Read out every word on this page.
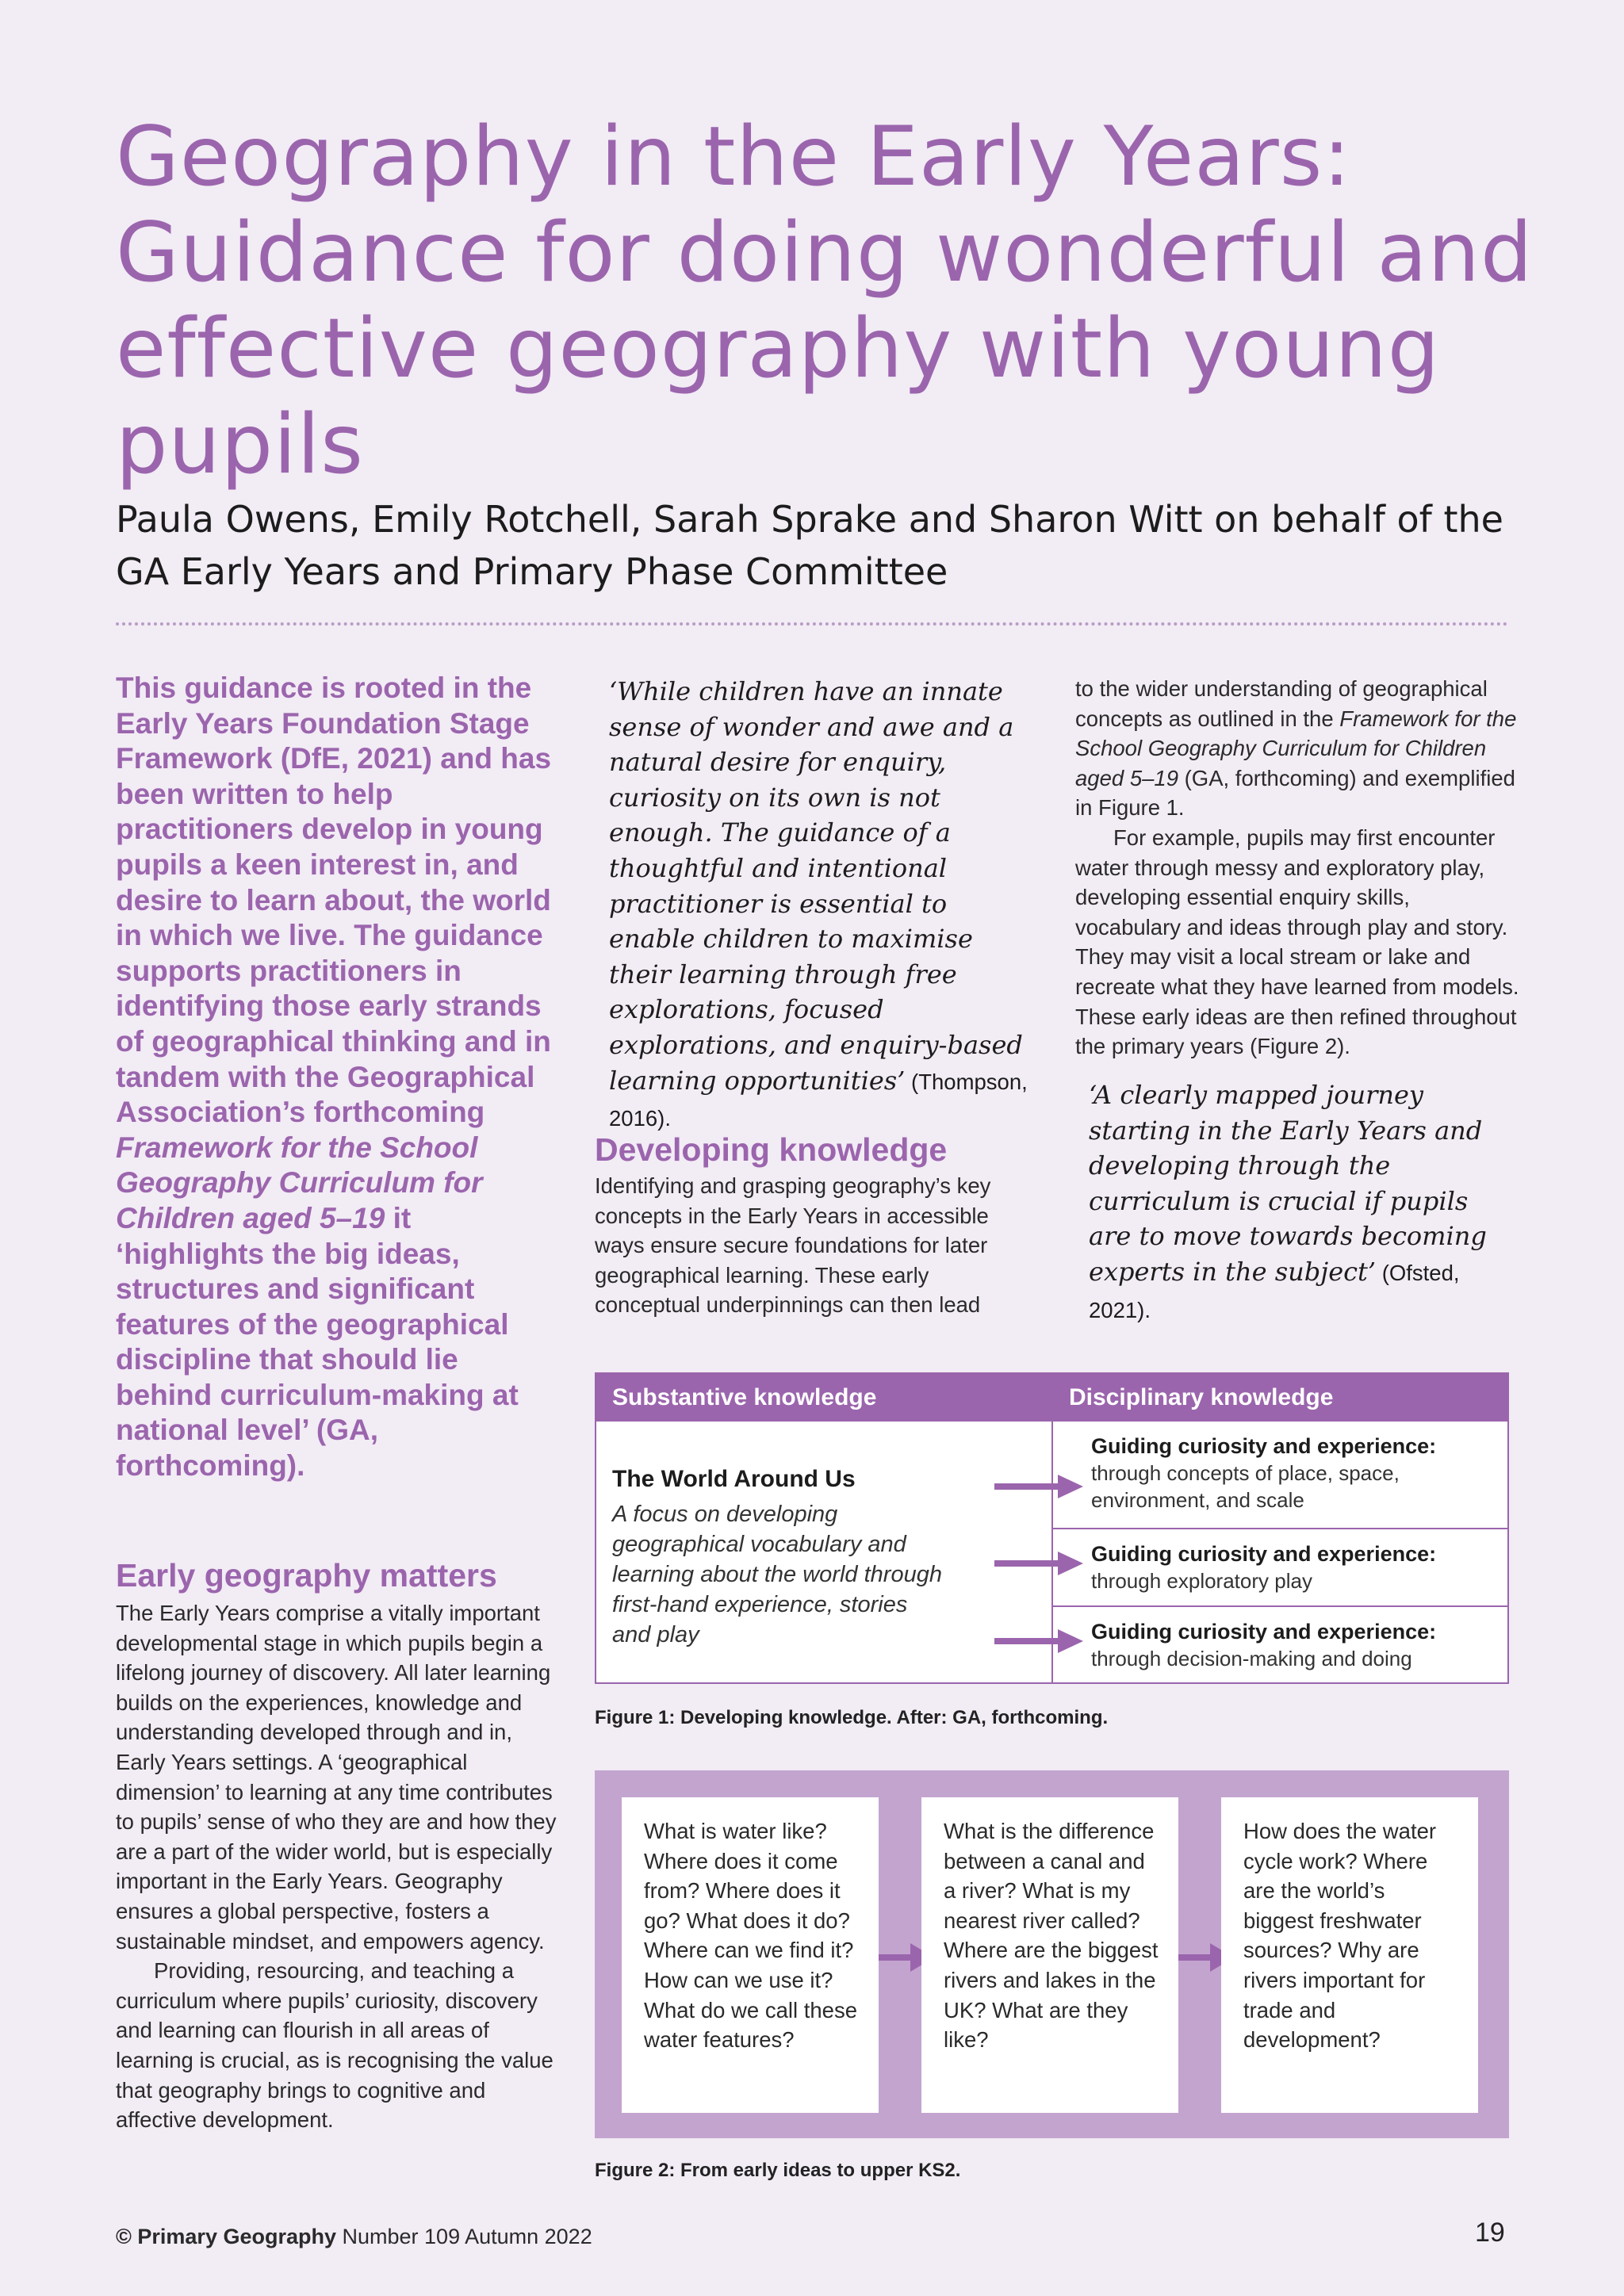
Geography in the Early Years: Guidance for doing wonderful and effective geography with young pupils
Paula Owens, Emily Rotchell, Sarah Sprake and Sharon Witt on behalf of the GA Early Years and Primary Phase Committee
This guidance is rooted in the Early Years Foundation Stage Framework (DfE, 2021) and has been written to help practitioners develop in young pupils a keen interest in, and desire to learn about, the world in which we live. The guidance supports practitioners in identifying those early strands of geographical thinking and in tandem with the Geographical Association’s forthcoming Framework for the School Geography Curriculum for Children aged 5–19 it ‘highlights the big ideas, structures and significant features of the geographical discipline that should lie behind curriculum-making at national level’ (GA, forthcoming).
Early geography matters

The Early Years comprise a vitally important developmental stage in which pupils begin a lifelong journey of discovery. All later learning builds on the experiences, knowledge and understanding developed through and in, Early Years settings. A ‘geographical dimension’ to learning at any time contributes to pupils’ sense of who they are and how they are a part of the wider world, but is especially important in the Early Years. Geography ensures a global perspective, fosters a sustainable mindset, and empowers agency.

Providing, resourcing, and teaching a curriculum where pupils’ curiosity, discovery and learning can flourish in all areas of learning is crucial, as is recognising the value that geography brings to cognitive and affective development.

‘While children have an innate sense of wonder and awe and a natural desire for enquiry, curiosity on its own is not enough. The guidance of a thoughtful and intentional practitioner is essential to enable children to maximise their learning through free explorations, focused explorations, and enquiry-based learning opportunities’ (Thompson, 2016).
Developing knowledge

Identifying and grasping geography’s key concepts in the Early Years in accessible ways ensure secure foundations for later geographical learning. These early conceptual underpinnings can then lead

to the wider understanding of geographical concepts as outlined in the Framework for the School Geography Curriculum for Children aged 5–19 (GA, forthcoming) and exemplified in Figure 1.

For example, pupils may first encounter water through messy and exploratory play, developing essential enquiry skills, vocabulary and ideas through play and story. They may visit a local stream or lake and recreate what they have learned from models. These early ideas are then refined throughout the primary years (Figure 2).

‘A clearly mapped journey starting in the Early Years and developing through the curriculum is crucial if pupils are to move towards becoming experts in the subject’ (Ofsted, 2021).
Substantive knowledge	Disciplinary knowledge
The World Around Us
A focus on developing geographical vocabulary and learning about the world through first-hand experience, stories and play
Guiding curiosity and experience:
through concepts of place, space, environment, and scale
Guiding curiosity and experience:
through exploratory play
Guiding curiosity and experience:
through decision-making and doing
Figure 1: Developing knowledge. After: GA, forthcoming.
What is water like? Where does it come from? Where does it go? What does it do? Where can we find it? How can we use it? What do we call these water features?
What is the difference between a canal and a river? What is my nearest river called? Where are the biggest rivers and lakes in the UK? What are they like?
How does the water cycle work? Where are the world’s biggest freshwater sources? Why are rivers important for trade and development?
Figure 2: From early ideas to upper KS2.
© Primary Geography Number 109 Autumn 2022	19
